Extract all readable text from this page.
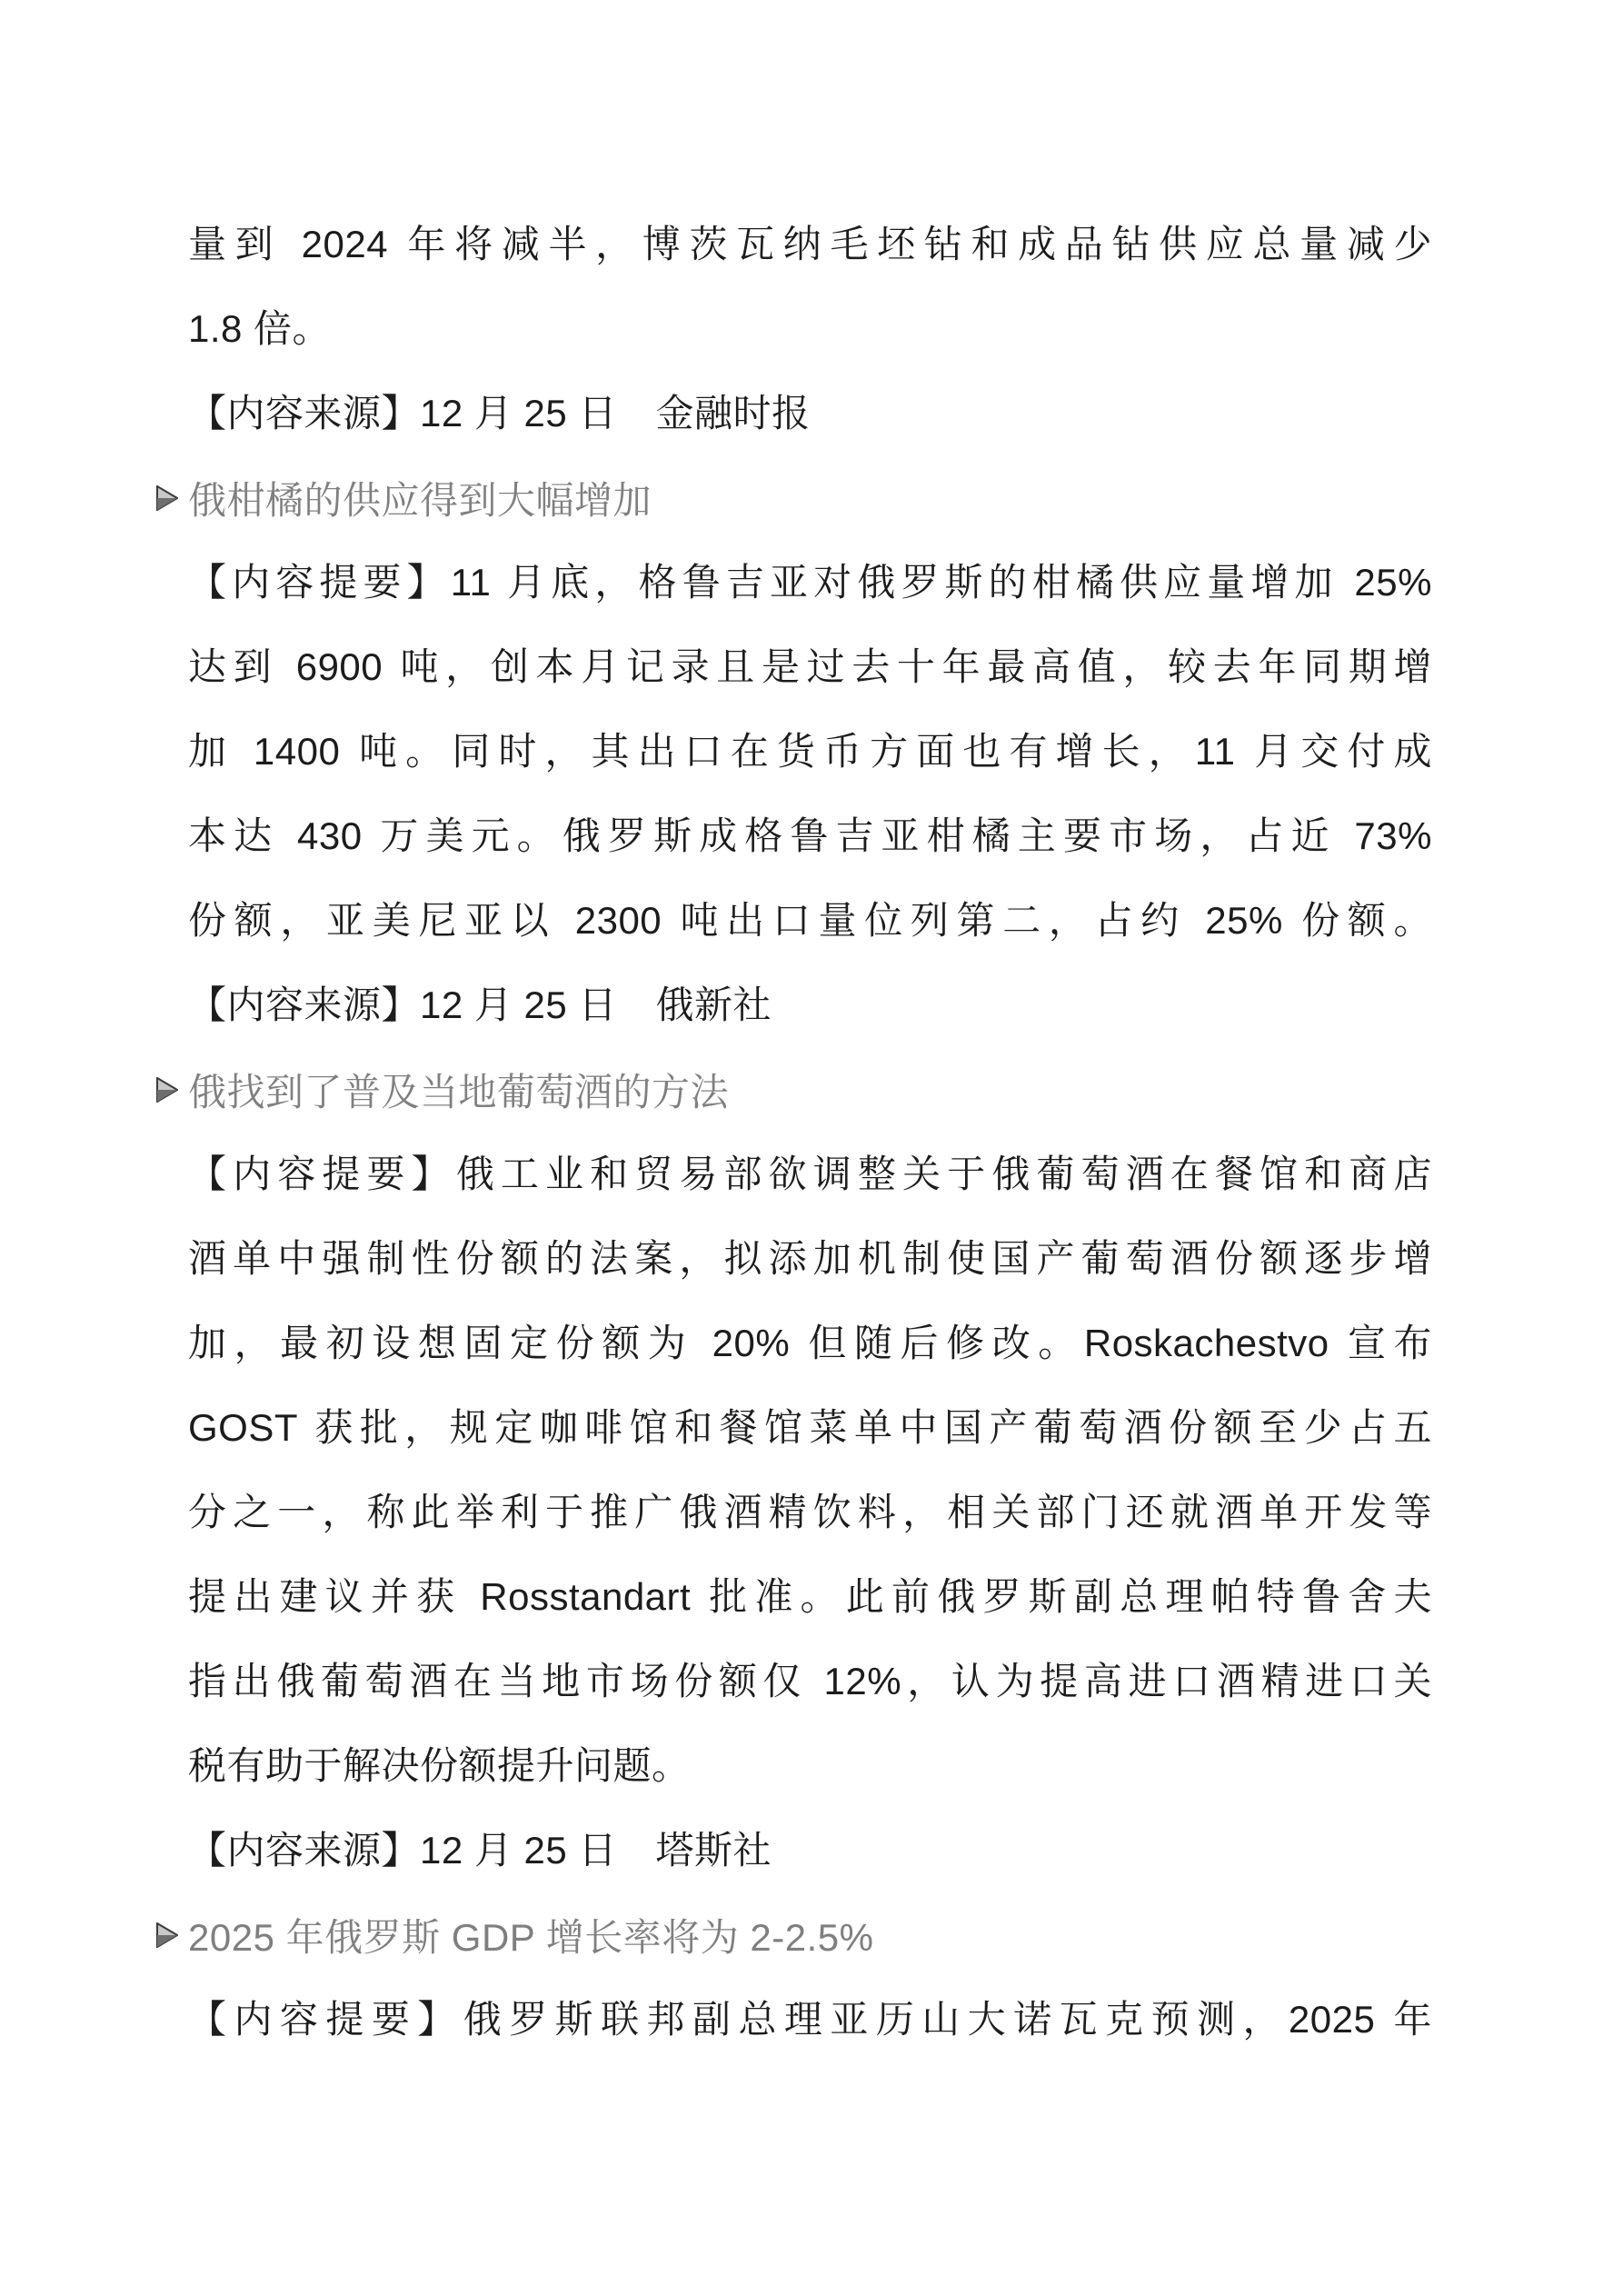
量到 2024 年将减半，博茨瓦纳毛坯钻和成品钻供应总量减少
1.8 倍。
【内容来源】12 月 25 日　金融时报
俄柑橘的供应得到大幅增加
【内容提要】11 月底，格鲁吉亚对俄罗斯的柑橘供应量增加 25%
达到 6900 吨，创本月记录且是过去十年最高值，较去年同期增
加 1400 吨。同时，其出口在货币方面也有增长，11 月交付成
本达 430 万美元。俄罗斯成格鲁吉亚柑橘主要市场，占近 73%
份额，亚美尼亚以 2300 吨出口量位列第二，占约 25% 份额。
【内容来源】12 月 25 日　俄新社
俄找到了普及当地葡萄酒的方法
【内容提要】俄工业和贸易部欲调整关于俄葡萄酒在餐馆和商店
酒单中强制性份额的法案，拟添加机制使国产葡萄酒份额逐步增
加，最初设想固定份额为 20% 但随后修改。Roskachestvo 宣布
GOST 获批，规定咖啡馆和餐馆菜单中国产葡萄酒份额至少占五
分之一，称此举利于推广俄酒精饮料，相关部门还就酒单开发等
提出建议并获 Rosstandart 批准。此前俄罗斯副总理帕特鲁舍夫
指出俄葡萄酒在当地市场份额仅 12%，认为提高进口酒精进口关
税有助于解决份额提升问题。
【内容来源】12 月 25 日　塔斯社
2025 年俄罗斯 GDP 增长率将为 2-2.5%
【内容提要】俄罗斯联邦副总理亚历山大诺瓦克预测，2025 年
